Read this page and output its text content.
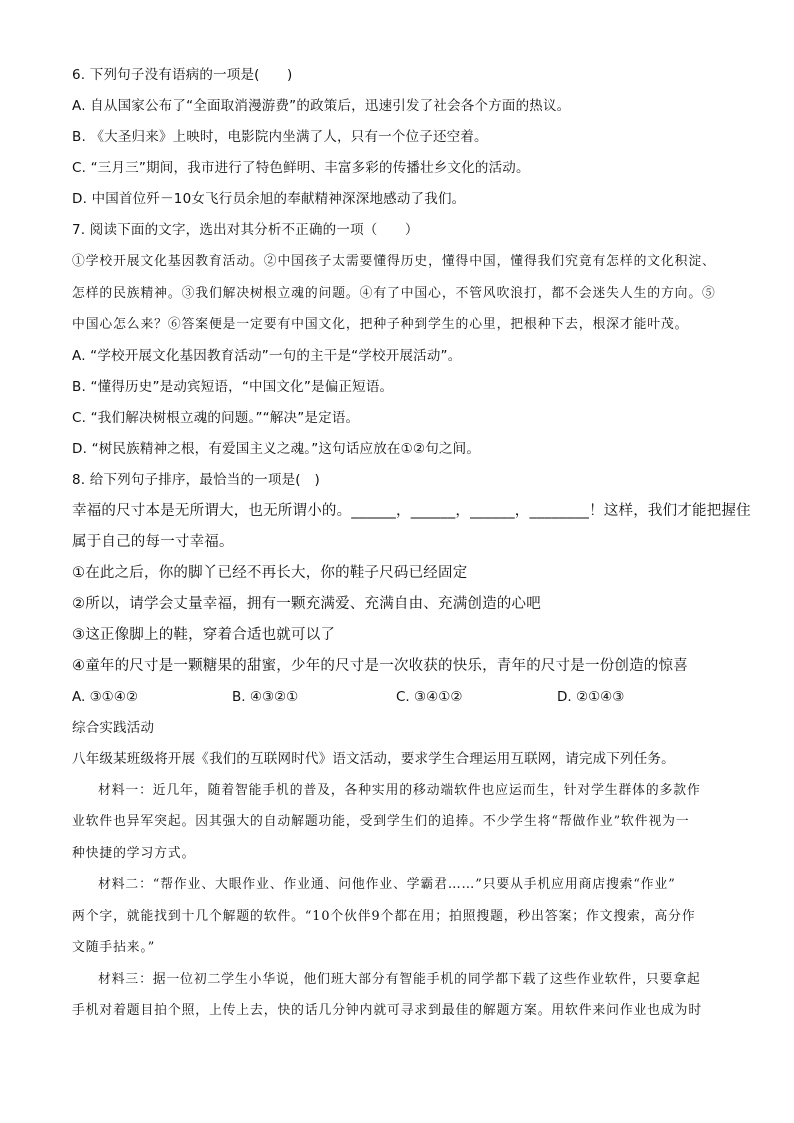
6. 下列句子没有语病的一项是(　　)
A. 自从国家公布了“全面取消漫游费”的政策后，迅速引发了社会各个方面的热议。
B. 《大圣归来》上映时，电影院内坐满了人，只有一个位子还空着。
C. “三月三”期间，我市进行了特色鲜明、丰富多彩的传播壮乡文化的活动。
D. 中国首位歼－10女飞行员余旭的奉献精神深深地感动了我们。
7. 阅读下面的文字，选出对其分析不正确的一项（　　）
①学校开展文化基因教育活动。②中国孩子太需要懂得历史，懂得中国，懂得我们究竟有怎样的文化积淀、
怎样的民族精神。③我们解决树根立魂的问题。④有了中国心，不管风吹浪打，都不会迷失人生的方向。⑤
中国心怎么来？⑥答案便是一定要有中国文化，把种子种到学生的心里，把根种下去，根深才能叶茂。
A. “学校开展文化基因教育活动”一句的主干是“学校开展活动”。
B. “懂得历史”是动宾短语，“中国文化”是偏正短语。
C. “我们解决树根立魂的问题。”“解决”是定语。
D. “树民族精神之根，有爱国主义之魂。”这句话应放在①②句之间。
8. 给下列句子排序，最恰当的一项是(　)
幸福的尺寸本是无所谓大，也无所谓小的。______，______，______，________！这样，我们才能把握住
属于自己的每一寸幸福。
①在此之后，你的脚丫已经不再长大，你的鞋子尺码已经固定
②所以，请学会丈量幸福，拥有一颗充满爱、充满自由、充满创造的心吧
③这正像脚上的鞋，穿着合适也就可以了
④童年的尺寸是一颗糖果的甜蜜，少年的尺寸是一次收获的快乐，青年的尺寸是一份创造的惊喜
A. ③①④②	B. ④③②①	C. ③④①②	D. ②①④③
综合实践活动
八年级某班级将开展《我们的互联网时代》语文活动，要求学生合理运用互联网，请完成下列任务。
材料一：近几年，随着智能手机的普及，各种实用的移动端软件也应运而生，针对学生群体的多款作
业软件也异军突起。因其强大的自动解题功能，受到学生们的追捧。不少学生将“帮做作业”软件视为一
种快捷的学习方式。
材料二：“帮作业、大眼作业、作业通、问他作业、学霸君……”只要从手机应用商店搜索“作业”
两个字，就能找到十几个解题的软件。“10个伙伴9个都在用；拍照搜题，秒出答案；作文搜索，高分作
文随手拈来。”
材料三：据一位初二学生小华说，他们班大部分有智能手机的同学都下载了这些作业软件，只要拿起
手机对着题目拍个照，上传上去，快的话几分钟内就可寻求到最佳的解题方案。用软件来问作业也成为时
